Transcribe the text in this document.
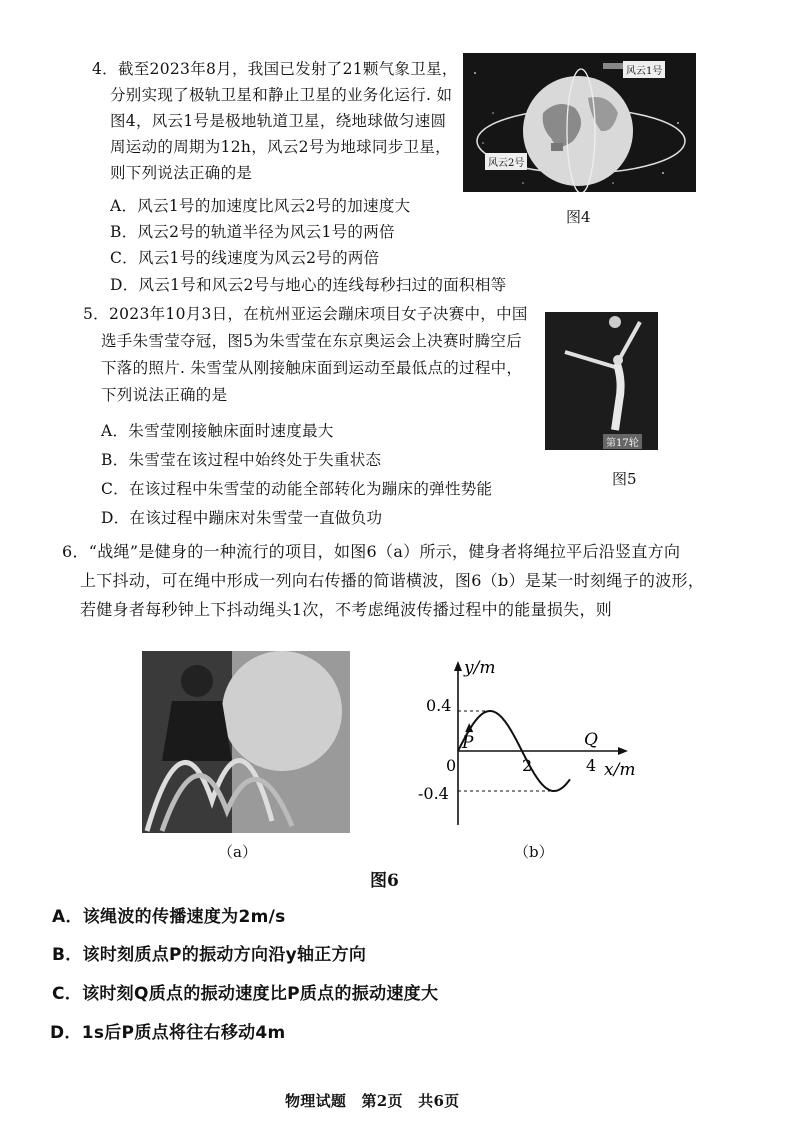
4．截至2023年8月，我国已发射了21颗气象卫星，
分别实现了极轨卫星和静止卫星的业务化运行. 如
图4，风云1号是极地轨道卫星，绕地球做匀速圆
周运动的周期为12h，风云2号为地球同步卫星，
则下列说法正确的是
A．风云1号的加速度比风云2号的加速度大
B．风云2号的轨道半径为风云1号的两倍
C．风云1号的线速度为风云2号的两倍
D．风云1号和风云2号与地心的连线每秒扫过的面积相等
风云1号
风云2号
图4
5．2023年10月3日，在杭州亚运会蹦床项目女子决赛中，中国
选手朱雪莹夺冠，图5为朱雪莹在东京奥运会上决赛时腾空后
下落的照片. 朱雪莹从刚接触床面到运动至最低点的过程中，
下列说法正确的是
A．朱雪莹刚接触床面时速度最大
B．朱雪莹在该过程中始终处于失重状态
C．在该过程中朱雪莹的动能全部转化为蹦床的弹性势能
D．在该过程中蹦床对朱雪莹一直做负功
第17轮
图5
6．“战绳”是健身的一种流行的项目，如图6（a）所示，健身者将绳拉平后沿竖直方向
上下抖动，可在绳中形成一列向右传播的简谐横波，图6（b）是某一时刻绳子的波形，
若健身者每秒钟上下抖动绳头1次，不考虑绳波传播过程中的能量损失，则
（a）
y/m
x/m
0
0.4
-0.4
2	4
P	Q
（b）
图6
A．该绳波的传播速度为2m/s
B．该时刻质点P的振动方向沿y轴正方向
C．该时刻Q质点的振动速度比P质点的振动速度大
D．1s后P质点将往右移动4m
物理试题　第2页　共6页
